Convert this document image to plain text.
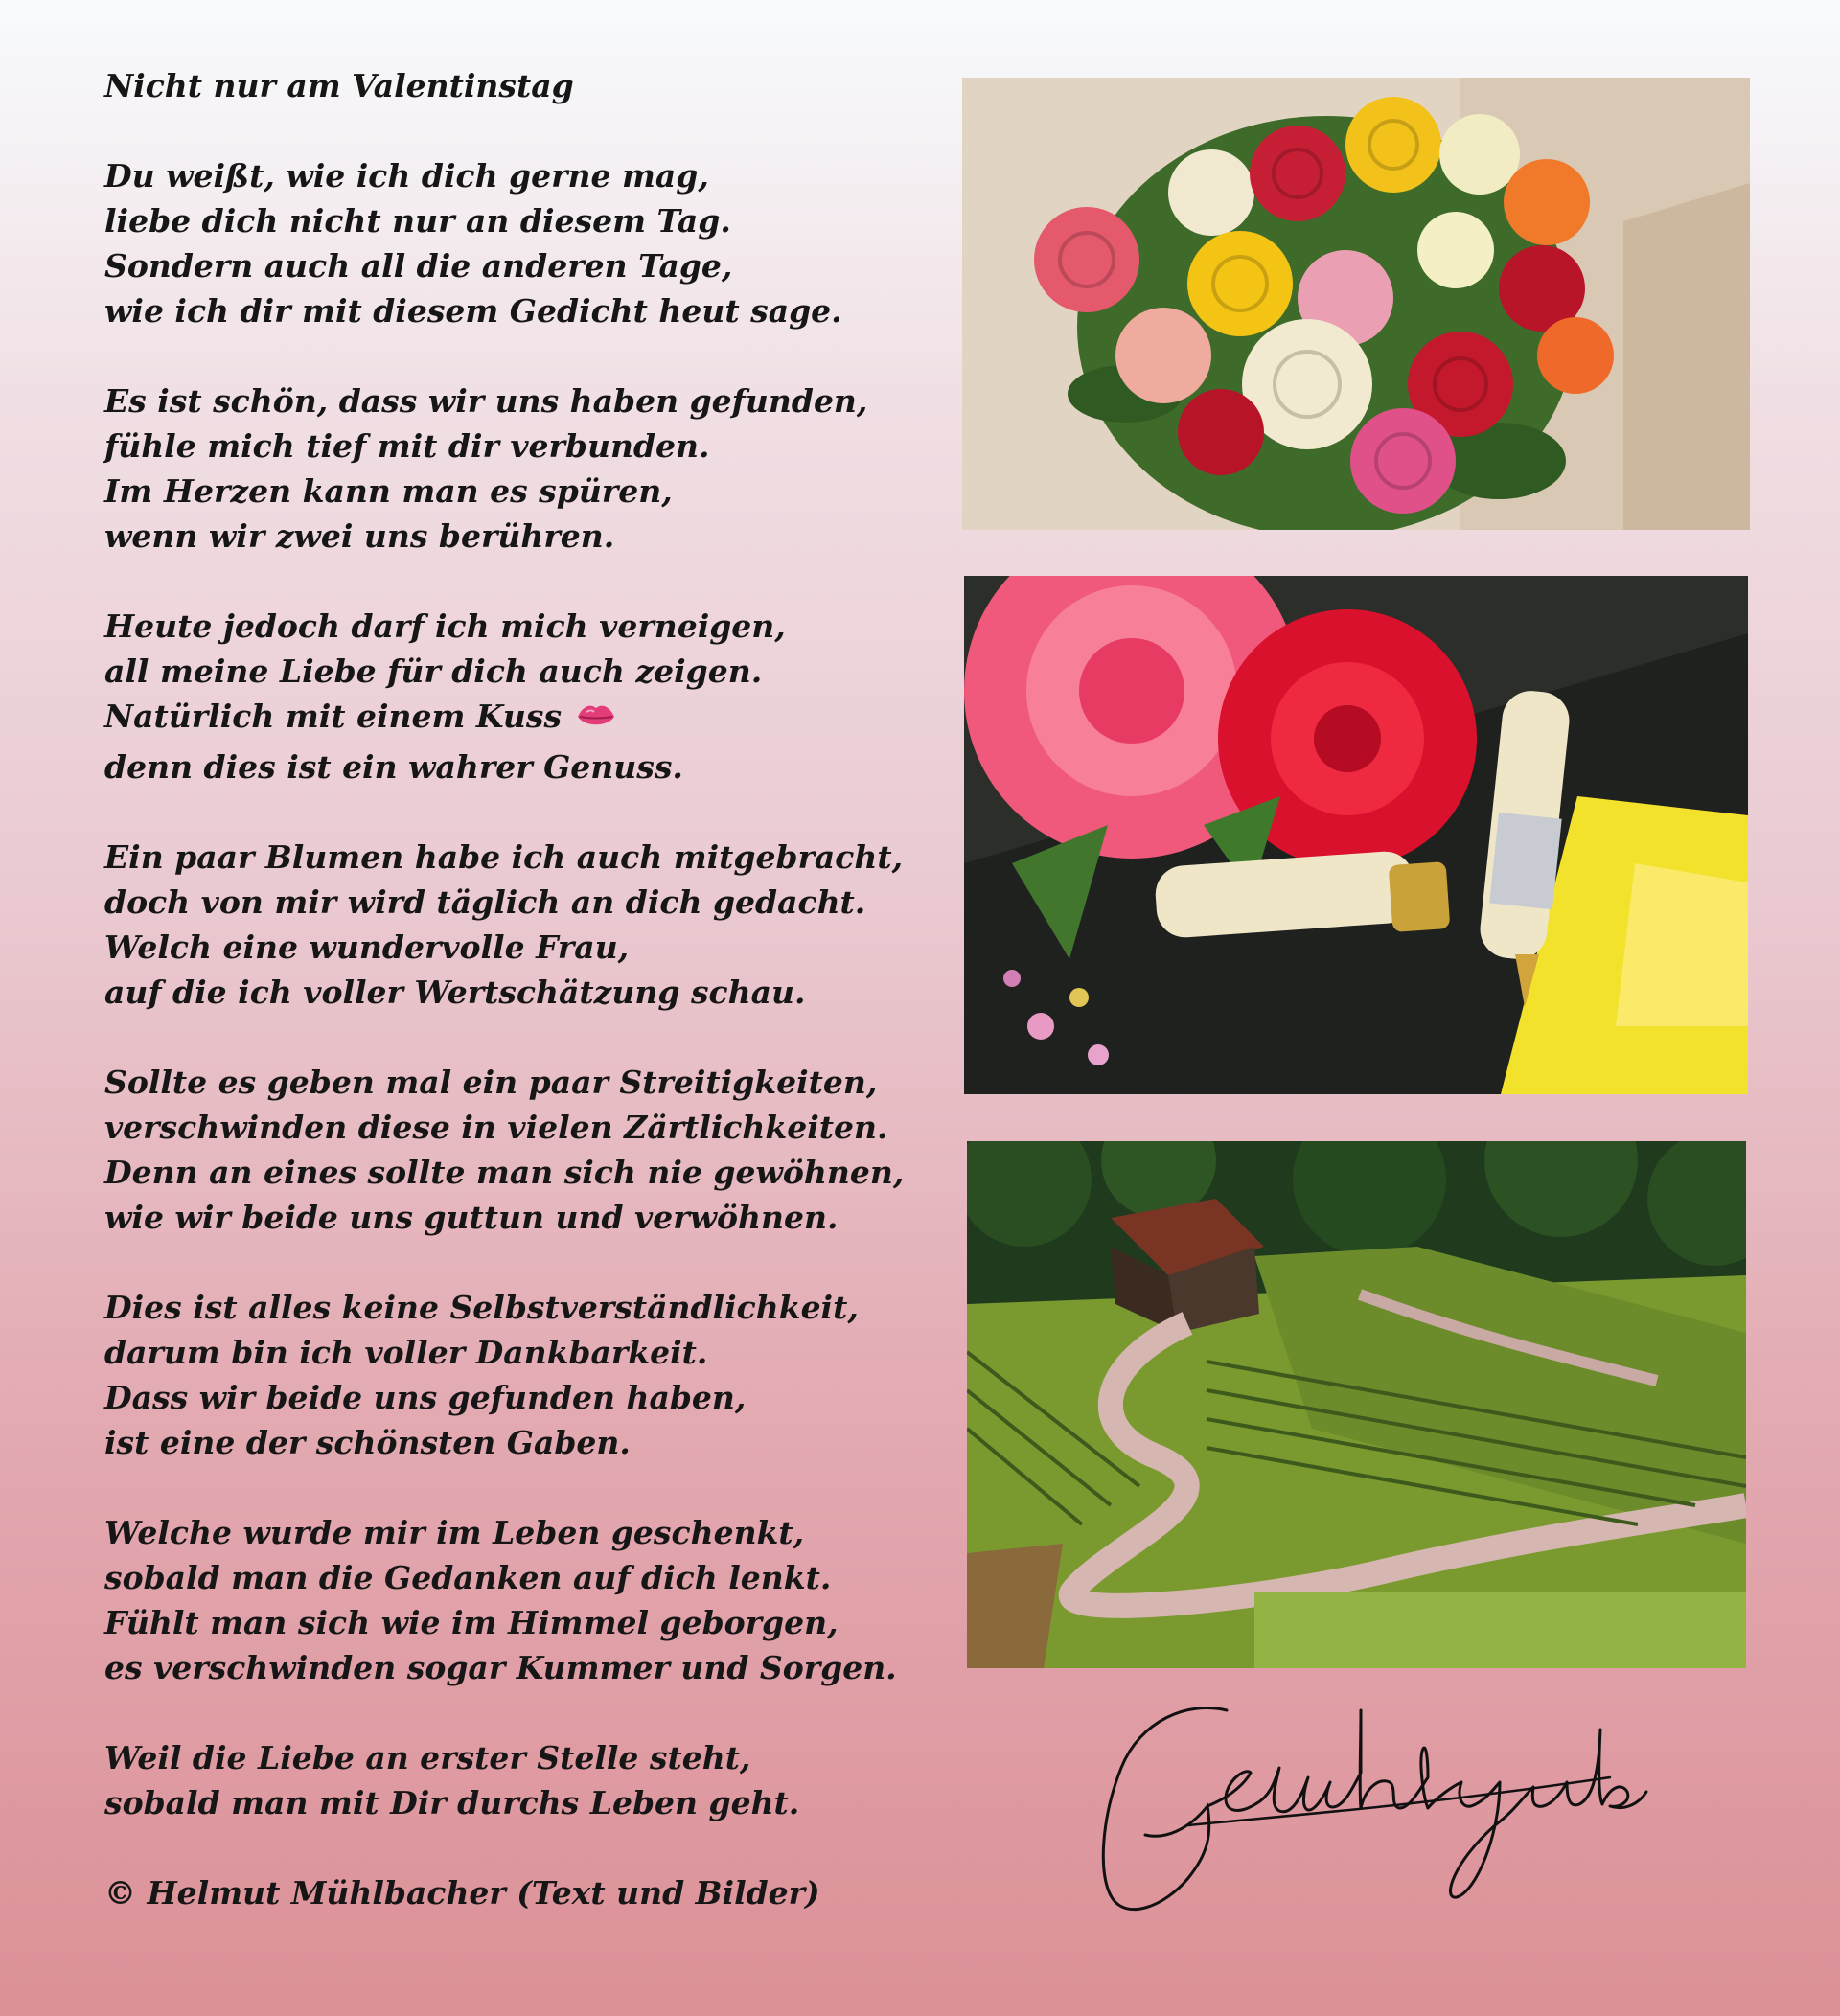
Nicht nur am Valentinstag
Du weißt, wie ich dich gerne mag,
liebe dich nicht nur an diesem Tag.
Sondern auch all die anderen Tage,
wie ich dir mit diesem Gedicht heut sage.
Es ist schön, dass wir uns haben gefunden,
fühle mich tief mit dir verbunden.
Im Herzen kann man es spüren,
wenn wir zwei uns berühren.
Heute jedoch darf ich mich verneigen,
all meine Liebe für dich auch zeigen.
Natürlich mit einem Kuss
denn dies ist ein wahrer Genuss.
Ein paar Blumen habe ich auch mitgebracht,
doch von mir wird täglich an dich gedacht.
Welch eine wundervolle Frau,
auf die ich voller Wertschätzung schau.
Sollte es geben mal ein paar Streitigkeiten,
verschwinden diese in vielen Zärtlichkeiten.
Denn an eines sollte man sich nie gewöhnen,
wie wir beide uns guttun und verwöhnen.
Dies ist alles keine Selbstverständlichkeit,
darum bin ich voller Dankbarkeit.
Dass wir beide uns gefunden haben,
ist eine der schönsten Gaben.
Welche wurde mir im Leben geschenkt,
sobald man die Gedanken auf dich lenkt.
Fühlt man sich wie im Himmel geborgen,
es verschwinden sogar Kummer und Sorgen.
Weil die Liebe an erster Stelle steht,
sobald man mit Dir durchs Leben geht.
© Helmut Mühlbacher (Text und Bilder)
